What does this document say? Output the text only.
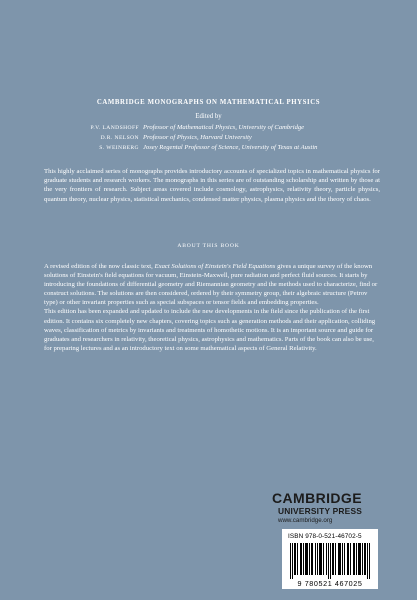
CAMBRIDGE MONOGRAPHS ON MATHEMATICAL PHYSICS
Edited by
P.V. LANDSHOFF Professor of Mathematical Physics, University of Cambridge
D.R. NELSON Professor of Physics, Harvard University
S. WEINBERG Josey Regental Professor of Science, University of Texas at Austin
This highly acclaimed series of monographs provides introductory accounts of specialized topics in mathematical physics for graduate students and research workers. The monographs in this series are of outstanding scholarship and written by those at the very frontiers of research. Subject areas covered include cosmology, astrophysics, relativity theory, particle physics, quantum theory, nuclear physics, statistical mechanics, condensed matter physics, plasma physics and the theory of chaos.
ABOUT THIS BOOK

A revised edition of the now classic text, Exact Solutions of Einstein's Field Equations gives a unique survey of the known solutions of Einstein's field equations for vacuum, Einstein-Maxwell, pure radiation and perfect fluid sources. It starts by introducing the foundations of differential geometry and Riemannian geometry and the methods used to characterize, find or construct solutions. The solutions are then considered, ordered by their symmetry group, their algebraic structure (Petrov type) or other invariant properties such as special subspaces or tensor fields and embedding properties.

This edition has been expanded and updated to include the new developments in the field since the publication of the first edition. It contains six completely new chapters, covering topics such as generation methods and their application, colliding waves, classification of metrics by invariants and treatments of homothetic motions. It is an important source and guide for graduates and researchers in relativity, theoretical physics, astrophysics and mathematics. Parts of the book can also be use, for preparing lectures and as an introductory text on some mathematical aspects of General Relativity.

CAMBRIDGE
UNIVERSITY PRESS
www.cambridge.org
ISBN 978-0-521-46702-5
9 780521 467025
